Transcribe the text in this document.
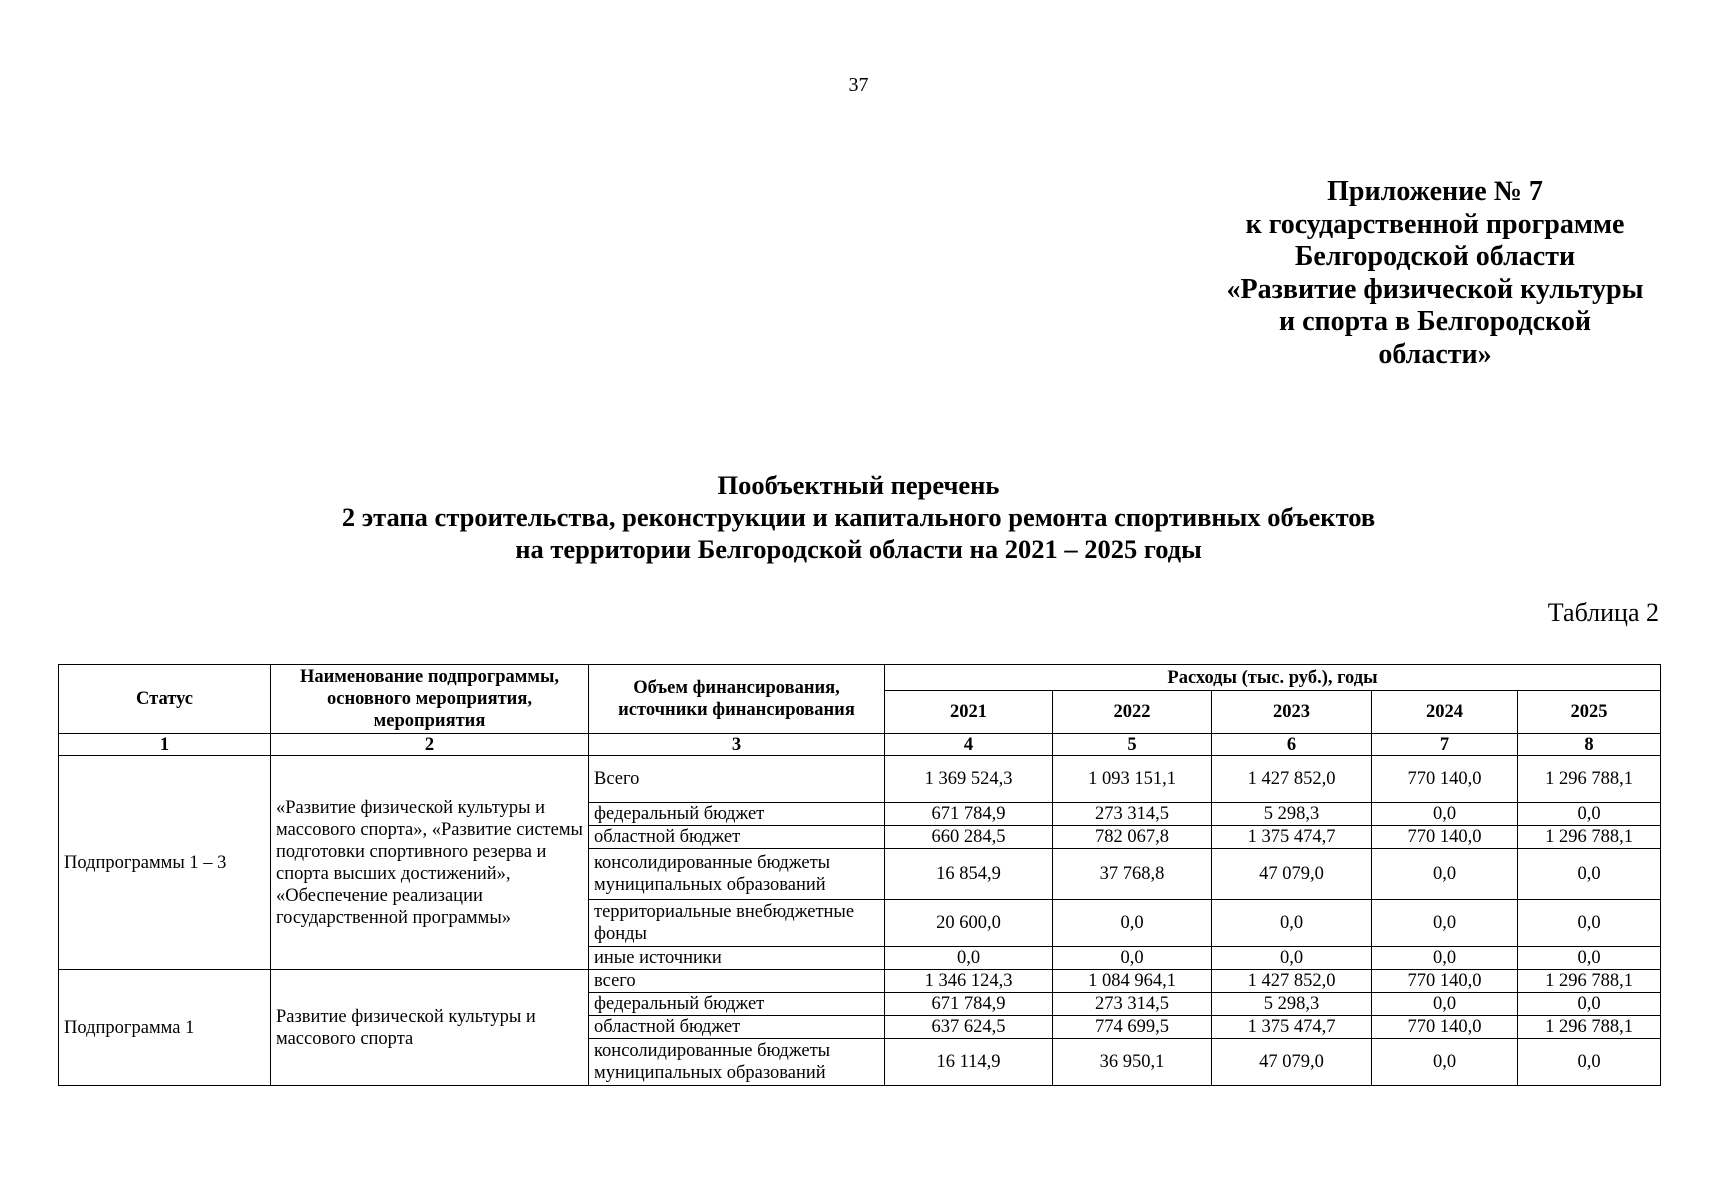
37
Приложение № 7
к государственной программе
Белгородской области
«Развитие физической культуры
и спорта в Белгородской
области»
Пообъектный перечень
2 этапа строительства, реконструкции и капитального ремонта спортивных объектов
на территории Белгородской области на 2021 – 2025 годы
Таблица 2
Статус	Наименование подпрограммы, основного мероприятия, мероприятия	Объем финансирования, источники финансирования	Расходы (тыс. руб.), годы				
			2021	2022	2023	2024	2025
1	2	3	4	5	6	7	8
Подпрограммы 1 – 3	«Развитие физической культуры и массового спорта», «Развитие системы подготовки спортивного резерва и спорта высших достижений», «Обеспечение реализации государственной программы»	Всего	1 369 524,3	1 093 151,1	1 427 852,0	770 140,0	1 296 788,1
		федеральный бюджет	671 784,9	273 314,5	5 298,3	0,0	0,0
		областной бюджет	660 284,5	782 067,8	1 375 474,7	770 140,0	1 296 788,1
		консолидированные бюджеты муниципальных образований	16 854,9	37 768,8	47 079,0	0,0	0,0
		территориальные внебюджетные фонды	20 600,0	0,0	0,0	0,0	0,0
		иные источники	0,0	0,0	0,0	0,0	0,0
Подпрограмма 1	Развитие физической культуры и массового спорта	всего	1 346 124,3	1 084 964,1	1 427 852,0	770 140,0	1 296 788,1
		федеральный бюджет	671 784,9	273 314,5	5 298,3	0,0	0,0
		областной бюджет	637 624,5	774 699,5	1 375 474,7	770 140,0	1 296 788,1
		консолидированные бюджеты муниципальных образований	16 114,9	36 950,1	47 079,0	0,0	0,0
